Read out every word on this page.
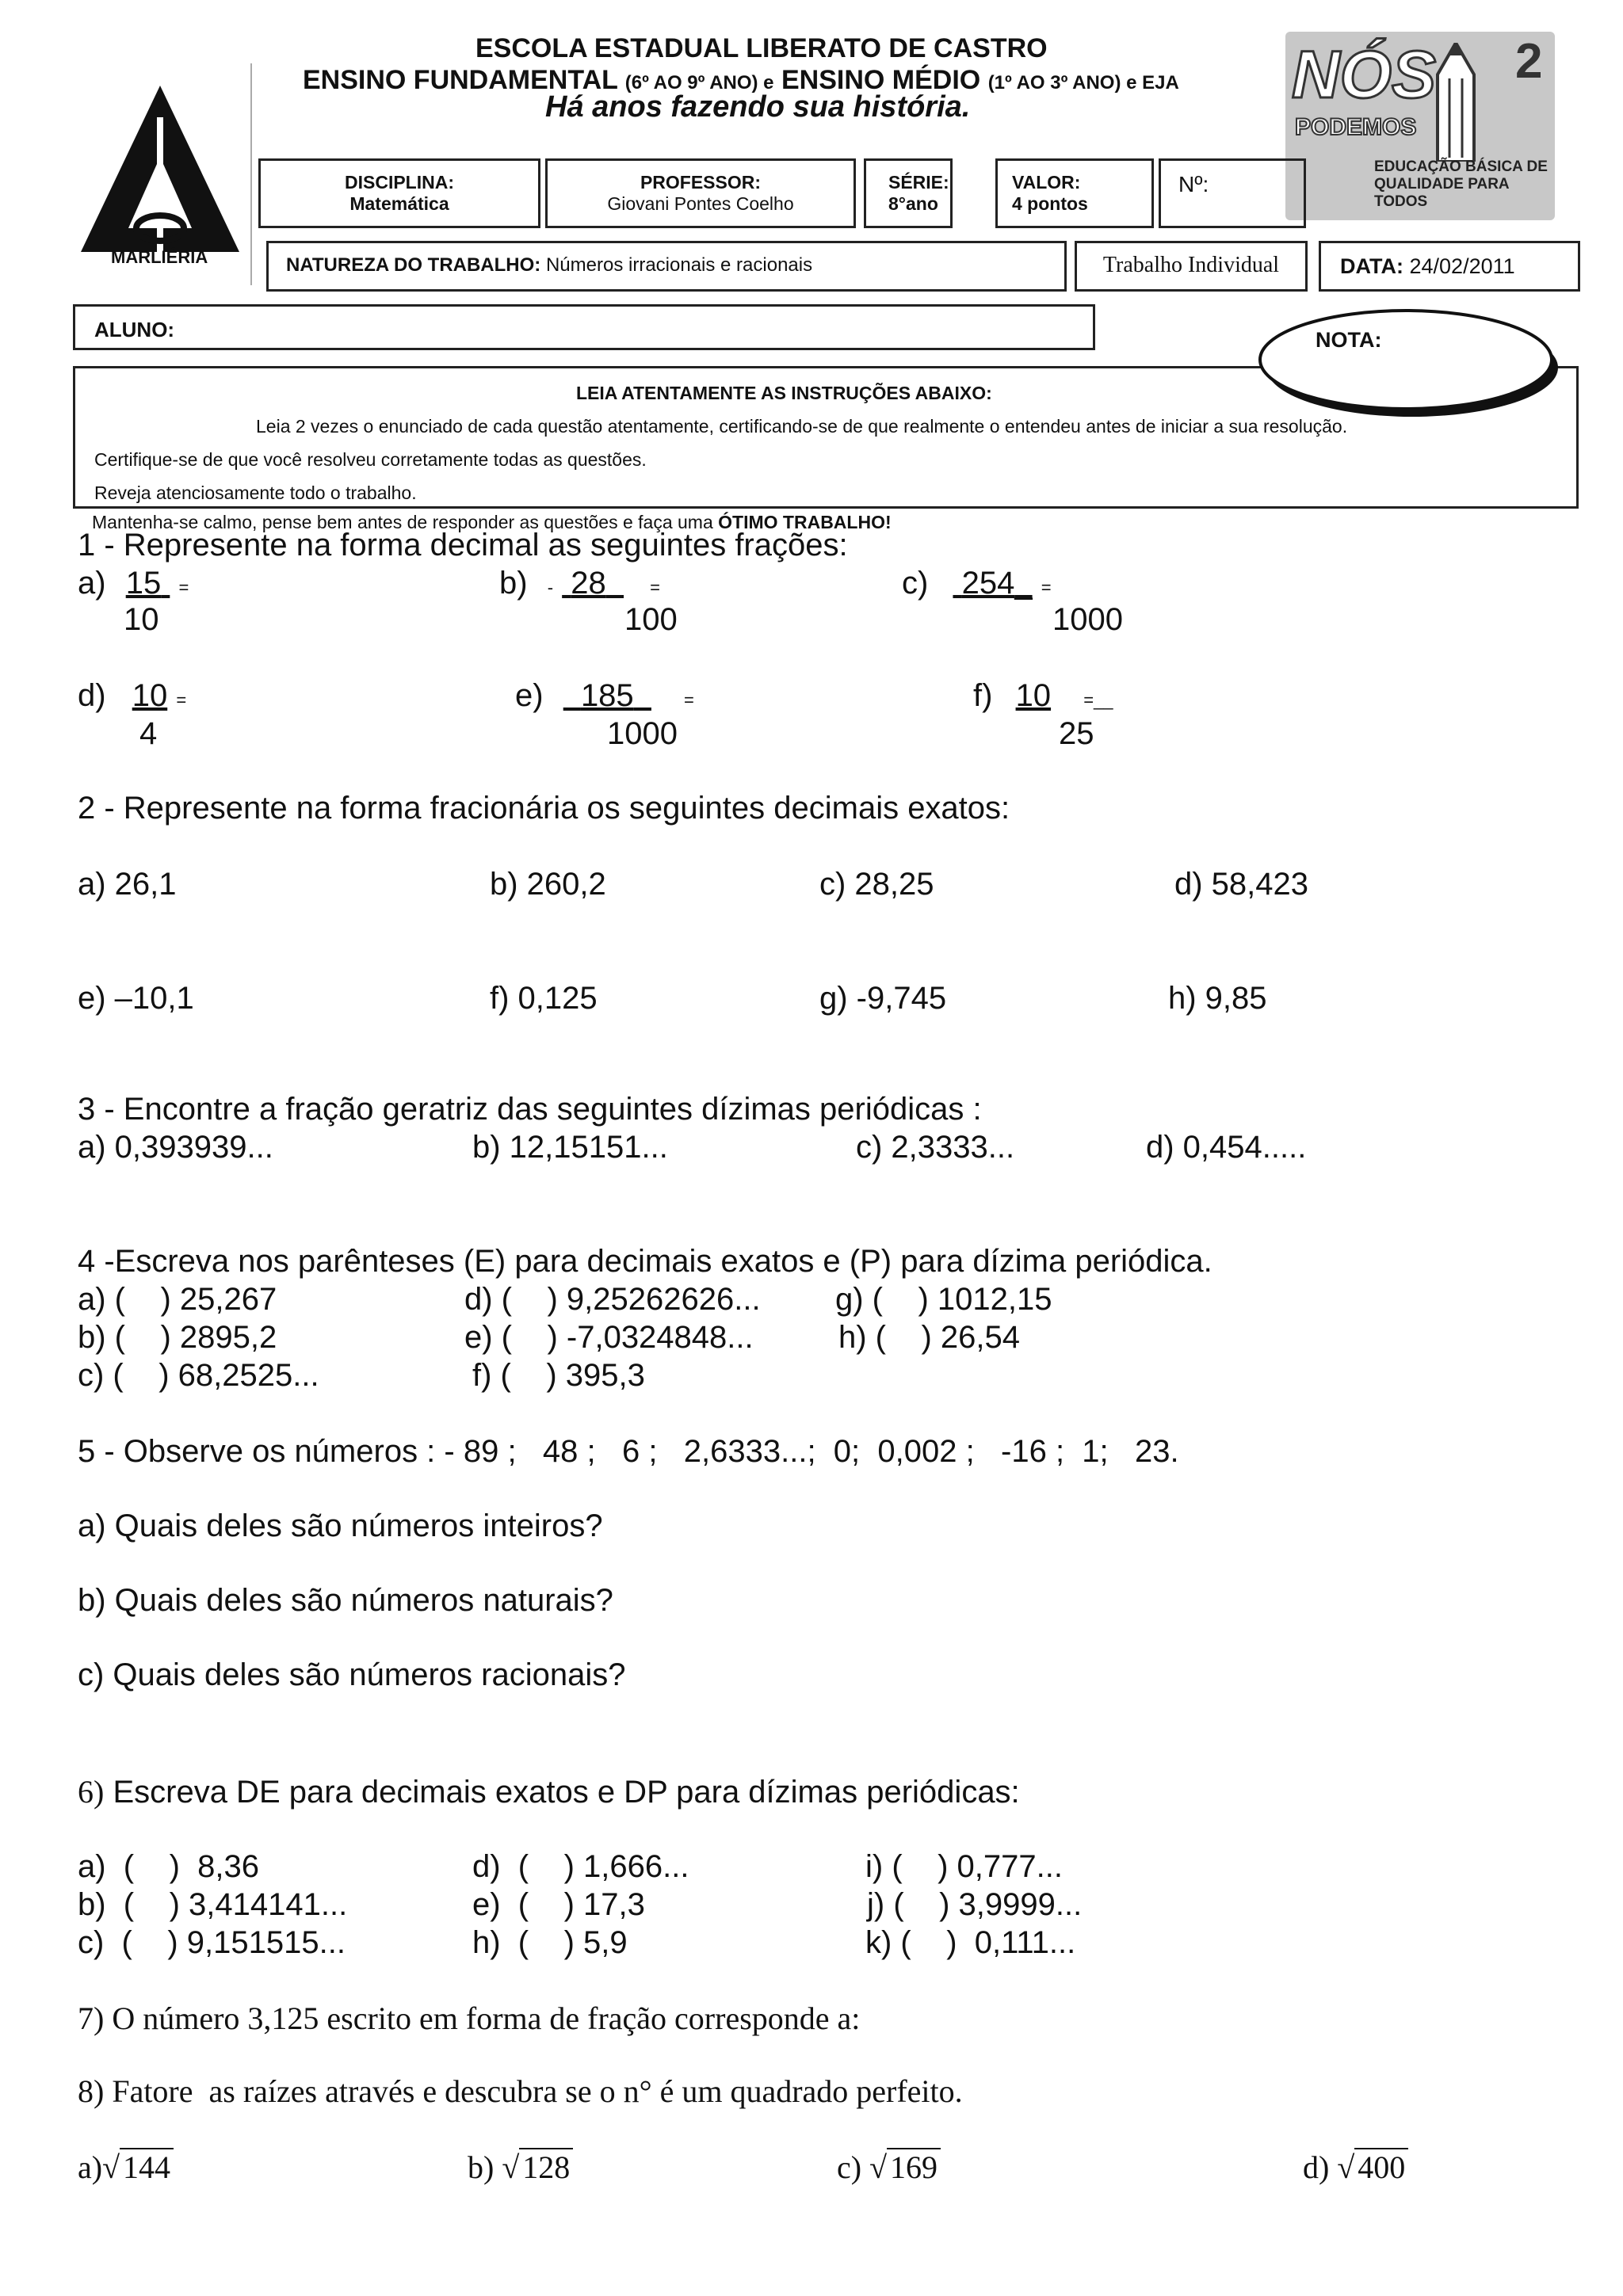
MARLIÉRIA
ESCOLA ESTADUAL LIBERATO DE CASTRO
ENSINO FUNDAMENTAL (6º AO 9º ANO) e ENSINO MÉDIO (1º AO 3º ANO) e EJA
Há anos fazendo sua história.	NÓS
PODEMOS
2
EDUCAÇÃO BÁSICA DE QUALIDADE PARA TODOS
DISCIPLINA:
Matemática
PROFESSOR:
Giovani Pontes Coelho
SÉRIE:
8°ano
VALOR:
4 pontos
Nº:
NATUREZA DO TRABALHO: Números irracionais e racionais	Trabalho Individual	DATA: 24/02/2011
ALUNO:
LEIA ATENTAMENTE AS INSTRUÇÕES ABAIXO:
Leia 2 vezes o enunciado de cada questão atentamente, certificando-se de que realmente o entendeu antes de iniciar a sua resolução.
Certifique-se de que você resolveu corretamente todas as questões.
Reveja atenciosamente todo o trabalho.
NOTA:
Mantenha-se calmo, pense bem antes de responder as questões e faça uma ÓTIMO TRABALHO!
1 - Represente na forma decimal as seguintes frações:
a) 15 =
10
b) - 28	=
100
c) 254_ =
1000
d) 10 =
4
e) 185	=
1000
f) 10 =__
25
2 - Represente na forma fracionária os seguintes decimais exatos:
a) 26,1	b) 260,2	c) 28,25	d) 58,423
e) –10,1	f) 0,125	g) -9,745	h) 9,85
3 - Encontre a fração geratriz das seguintes dízimas periódicas :
a) 0,393939...	b) 12,15151...	c) 2,3333...	d) 0,454.....
4 -Escreva nos parênteses (E) para decimais exatos e (P) para dízima periódica.
a) (    ) 25,267	d) (    ) 9,25262626... g) (    ) 1012,15
b) (    ) 2895,2	e) (    ) -7,0324848...	h) (    ) 26,54
c) (    ) 68,2525...	f) (    ) 395,3
5 - Observe os números : - 89 ;   48 ;   6 ;   2,6333...;  0;  0,002 ;   -16 ;  1;   23.
a) Quais deles são números inteiros?
b) Quais deles são números naturais?
c) Quais deles são números racionais?
6) Escreva DE para decimais exatos e DP para dízimas periódicas:
a)  (    )  8,36	d)  (    ) 1,666...	i) (    ) 0,777...
b)  (    ) 3,414141...	e)  (    ) 17,3	j) (    ) 3,9999...
c)  (    ) 9,151515...	h)  (    ) 5,9	k) (    )  0,111...
7) O número 3,125 escrito em forma de fração corresponde a:
8) Fatore  as raízes através e descubra se o n° é um quadrado perfeito.
a)√ 144	b) √ 128	c) √ 169	d) √ 400
